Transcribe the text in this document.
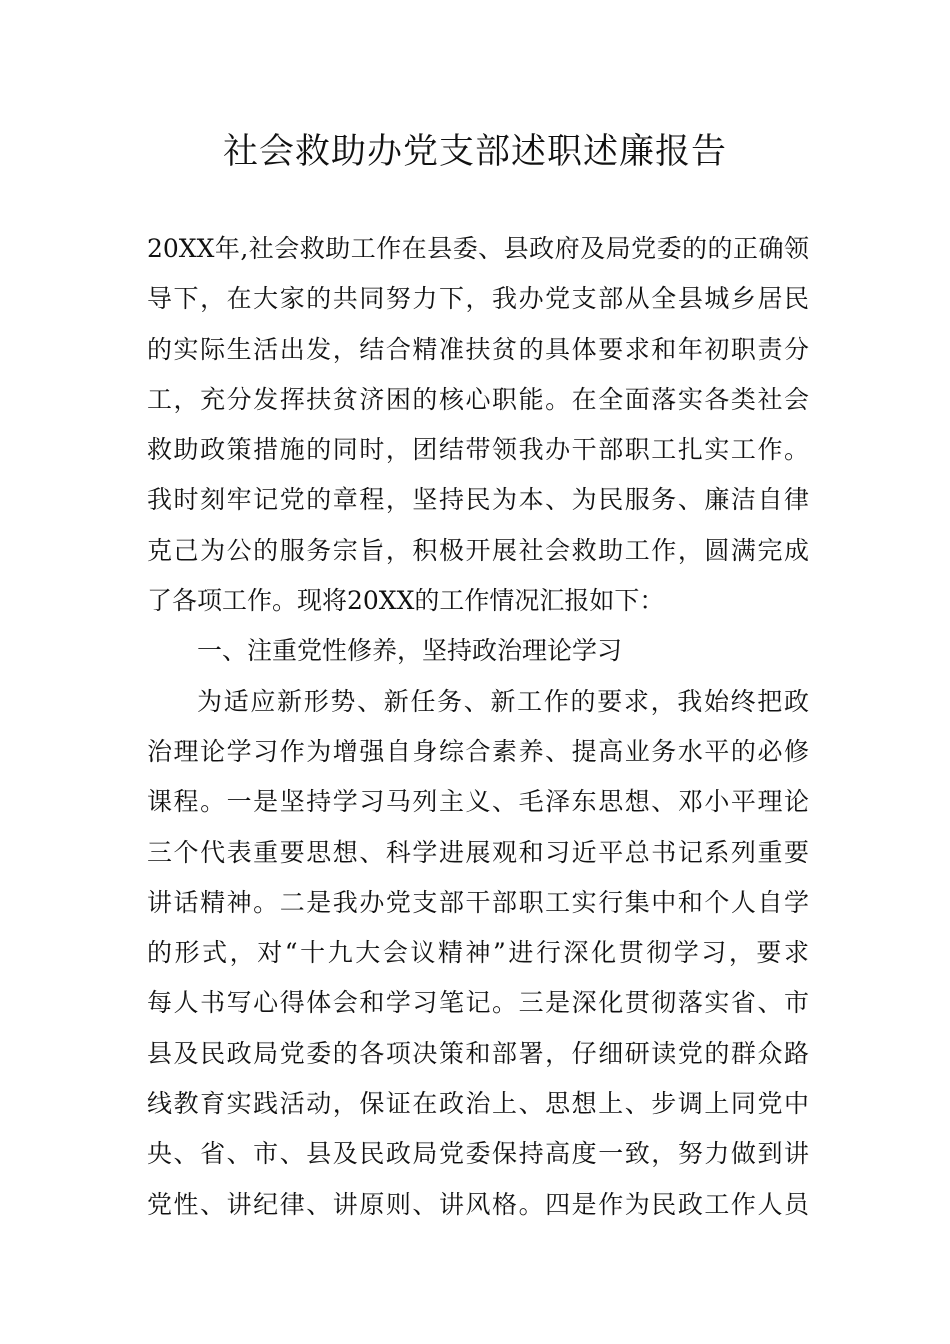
社会救助办党支部述职述廉报告
20XX年,社会救助工作在县委、县政府及局党委的的正确领
导下，在大家的共同努力下，我办党支部从全县城乡居民
的实际生活出发，结合精准扶贫的具体要求和年初职责分
工，充分发挥扶贫济困的核心职能。在全面落实各类社会
救助政策措施的同时，团结带领我办干部职工扎实工作。
我时刻牢记党的章程，坚持民为本、为民服务、廉洁自律
克己为公的服务宗旨，积极开展社会救助工作，圆满完成
了各项工作。现将20XX的工作情况汇报如下：
一、注重党性修养，坚持政治理论学习
为适应新形势、新任务、新工作的要求，我始终把政
治理论学习作为增强自身综合素养、提高业务水平的必修
课程。一是坚持学习马列主义、毛泽东思想、邓小平理论
三个代表重要思想、科学进展观和习近平总书记系列重要
讲话精神。二是我办党支部干部职工实行集中和个人自学
的形式，对“十九大会议精神”进行深化贯彻学习，要求
每人书写心得体会和学习笔记。三是深化贯彻落实省、市
县及民政局党委的各项决策和部署，仔细研读党的群众路
线教育实践活动，保证在政治上、思想上、步调上同党中
央、省、市、县及民政局党委保持高度一致，努力做到讲
党性、讲纪律、讲原则、讲风格。四是作为民政工作人员
